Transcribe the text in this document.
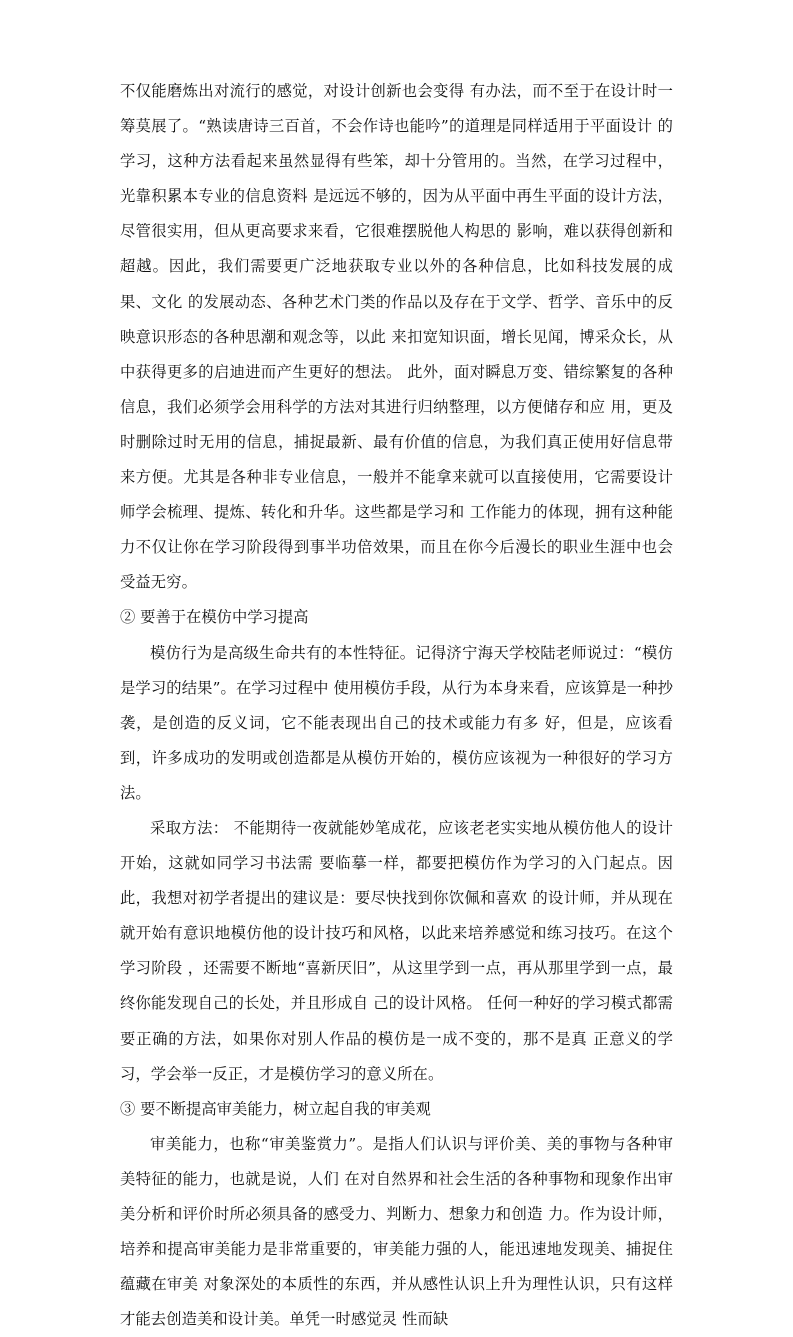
不仅能磨炼出对流行的感觉，对设计创新也会变得 有办法，而不至于在设计时一筹莫展了。“熟读唐诗三百首，不会作诗也能吟”的道理是同样适用于平面设计 的学习，这种方法看起来虽然显得有些笨，却十分管用的。当然，在学习过程中，光靠积累本专业的信息资料 是远远不够的，因为从平面中再生平面的设计方法，尽管很实用，但从更高要求来看，它很难摆脱他人构思的 影响，难以获得创新和超越。因此，我们需要更广泛地获取专业以外的各种信息，比如科技发展的成果、文化 的发展动态、各种艺术门类的作品以及存在于文学、哲学、音乐中的反映意识形态的各种思潮和观念等，以此 来扣宽知识面，增长见闻，博采众长，从中获得更多的启迪进而产生更好的想法。 此外，面对瞬息万变、错综繁复的各种信息，我们必须学会用科学的方法对其进行归纳整理，以方便储存和应 用，更及时删除过时无用的信息，捕捉最新、最有价值的信息，为我们真正使用好信息带来方便。尤其是各种非专业信息，一般并不能拿来就可以直接使用，它需要设计师学会梳理、提炼、转化和升华。这些都是学习和 工作能力的体现，拥有这种能力不仅让你在学习阶段得到事半功倍效果，而且在你今后漫长的职业生涯中也会 受益无穷。

② 要善于在模仿中学习提高

模仿行为是高级生命共有的本性特征。记得济宁海天学校陆老师说过：“模仿是学习的结果”。在学习过程中 使用模仿手段，从行为本身来看，应该算是一种抄袭，是创造的反义词，它不能表现出自己的技术或能力有多 好，但是，应该看到，许多成功的发明或创造都是从模仿开始的，模仿应该视为一种很好的学习方法。

采取方法： 不能期待一夜就能妙笔成花，应该老老实实地从模仿他人的设计开始，这就如同学习书法需 要临摹一样，都要把模仿作为学习的入门起点。因此，我想对初学者提出的建议是：要尽快找到你饮佩和喜欢 的设计师，并从现在就开始有意识地模仿他的设计技巧和风格，以此来培养感觉和练习技巧。在这个学习阶段 ，还需要不断地“喜新厌旧”，从这里学到一点，再从那里学到一点，最终你能发现自己的长处，并且形成自 己的设计风格。 任何一种好的学习模式都需要正确的方法，如果你对别人作品的模仿是一成不变的，那不是真 正意义的学习，学会举一反正，才是模仿学习的意义所在。

③ 要不断提高审美能力，树立起自我的审美观

审美能力，也称“审美鉴赏力”。是指人们认识与评价美、美的事物与各种审美特征的能力，也就是说，人们 在对自然界和社会生活的各种事物和现象作出审美分析和评价时所必须具备的感受力、判断力、想象力和创造 力。作为设计师，培养和提高审美能力是非常重要的，审美能力强的人，能迅速地发现美、捕捉住蕴藏在审美 对象深处的本质性的东西，并从感性认识上升为理性认识，只有这样才能去创造美和设计美。单凭一时感觉灵 性而缺
